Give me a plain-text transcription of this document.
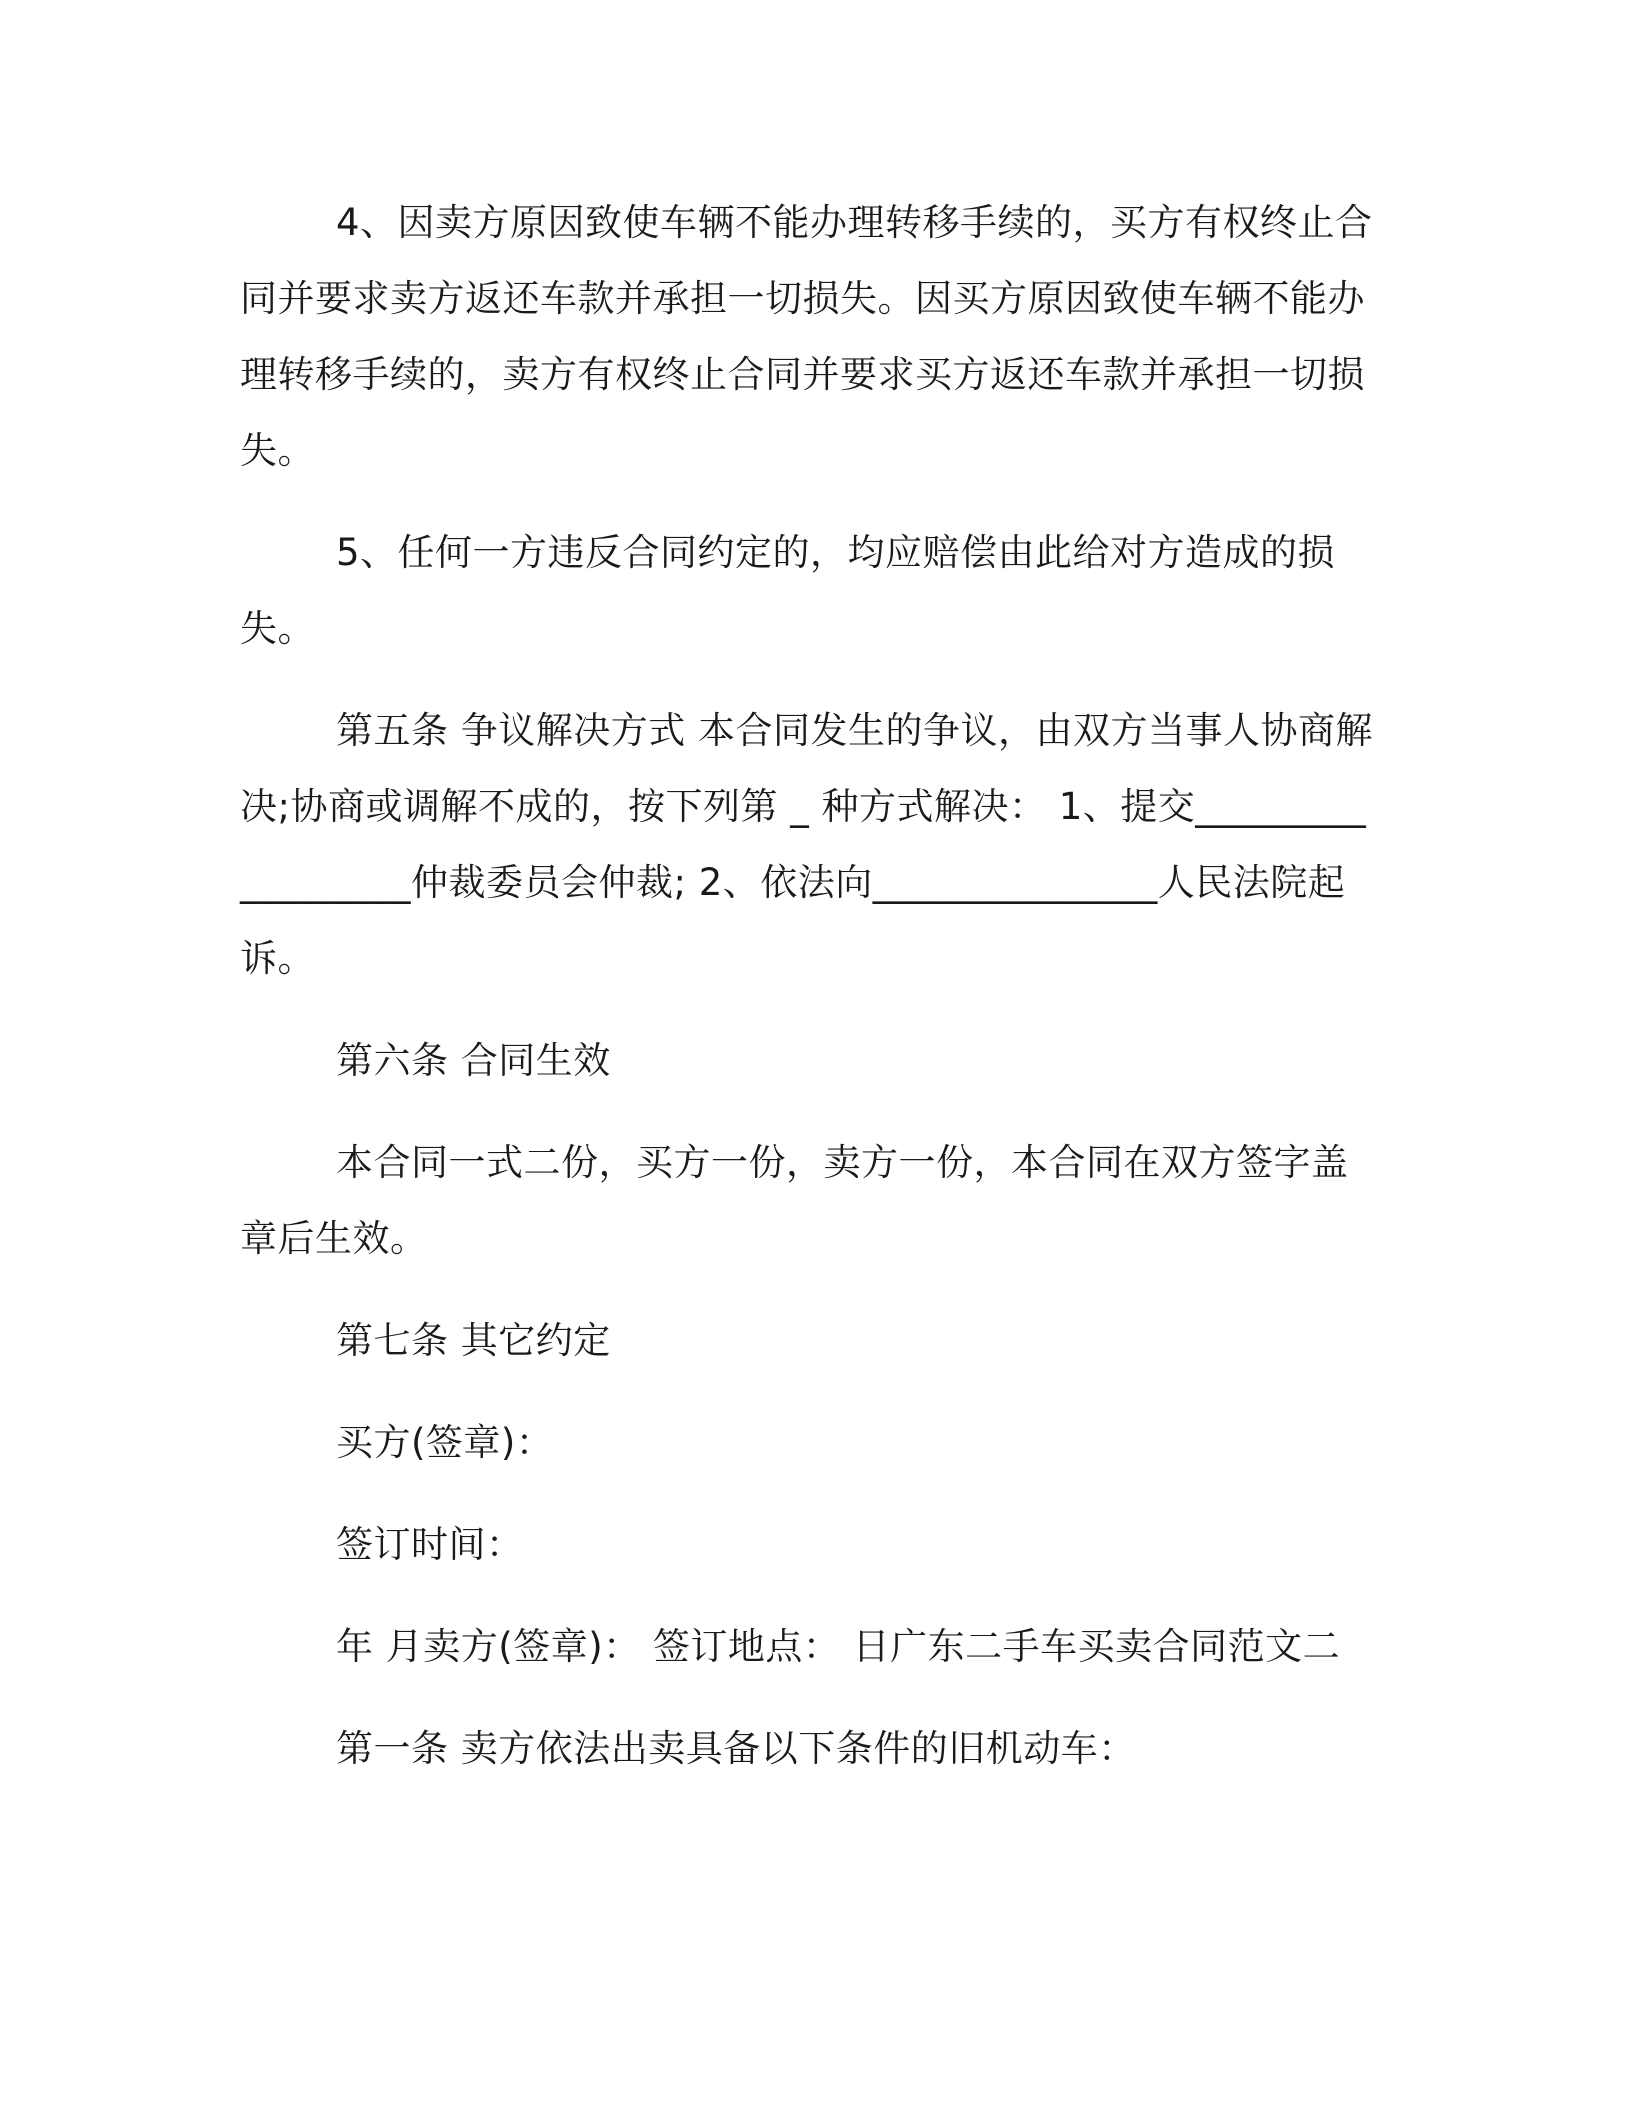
4、因卖方原因致使车辆不能办理转移手续的，买方有权终止合同并要求卖方返还车款并承担一切损失。因买方原因致使车辆不能办理转移手续的，卖方有权终止合同并要求买方返还车款并承担一切损失。

5、任何一方违反合同约定的，均应赔偿由此给对方造成的损失。

第五条 争议解决方式 本合同发生的争议，由双方当事人协商解决;协商或调解不成的，按下列第 _ 种方式解决： 1、提交__________________仲裁委员会仲裁; 2、依法向_______________人民法院起诉。

第六条 合同生效

本合同一式二份，买方一份，卖方一份，本合同在双方签字盖章后生效。

第七条 其它约定

买方(签章)：

签订时间：

年 月卖方(签章)： 签订地点： 日广东二手车买卖合同范文二

第一条 卖方依法出卖具备以下条件的旧机动车：
